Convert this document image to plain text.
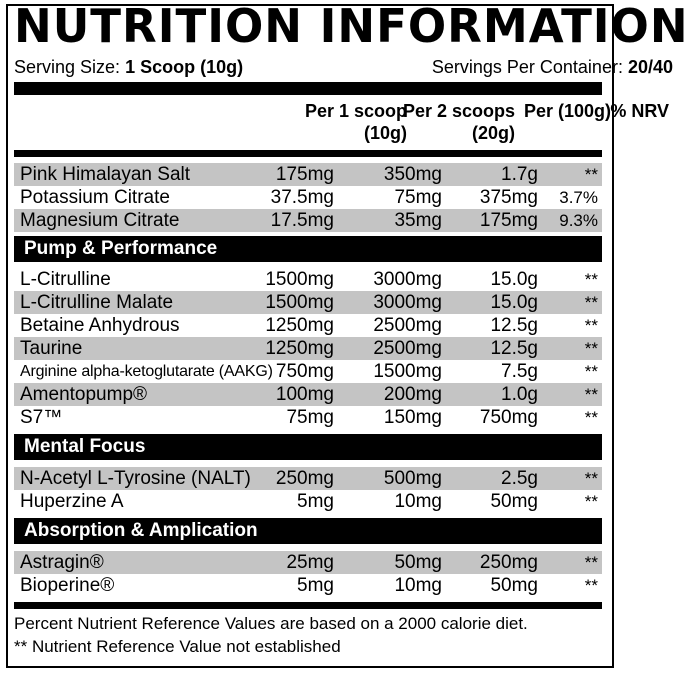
NUTRITION INFORMATION
Serving Size: 1 Scoop (10g)	Servings Per Container: 20/40
Per 1 scoop
(10g)
Per 2 scoops
(20g)
Per (100g) % NRV
Pink Himalayan Salt	175mg	350mg	1.7g	**
Potassium Citrate	37.5mg	75mg 375mg 3.7%
Magnesium Citrate	17.5mg	35mg 175mg 9.3%
Pump & Performance
L-Citrulline	1500mg 3000mg	15.0g	**
L-Citrulline Malate	1500mg 3000mg	15.0g	**
Betaine Anhydrous	1250mg 2500mg	12.5g	**
Taurine	1250mg 2500mg	12.5g	**
Arginine alpha-ketoglutarate (AAKG) 750mg 1500mg	7.5g	**
Amentopump®	100mg	200mg	1.0g	**
S7™	75mg	150mg 750mg	**
Mental Focus
N-Acetyl L-Tyrosine (NALT) 250mg	500mg	2.5g	**
Huperzine A	5mg	10mg	50mg	**
Absorption & Amplication
Astragin®	25mg	50mg 250mg	**
Bioperine®	5mg	10mg	50mg	**
Percent Nutrient Reference Values are based on a 2000 calorie diet.
** Nutrient Reference Value not established
